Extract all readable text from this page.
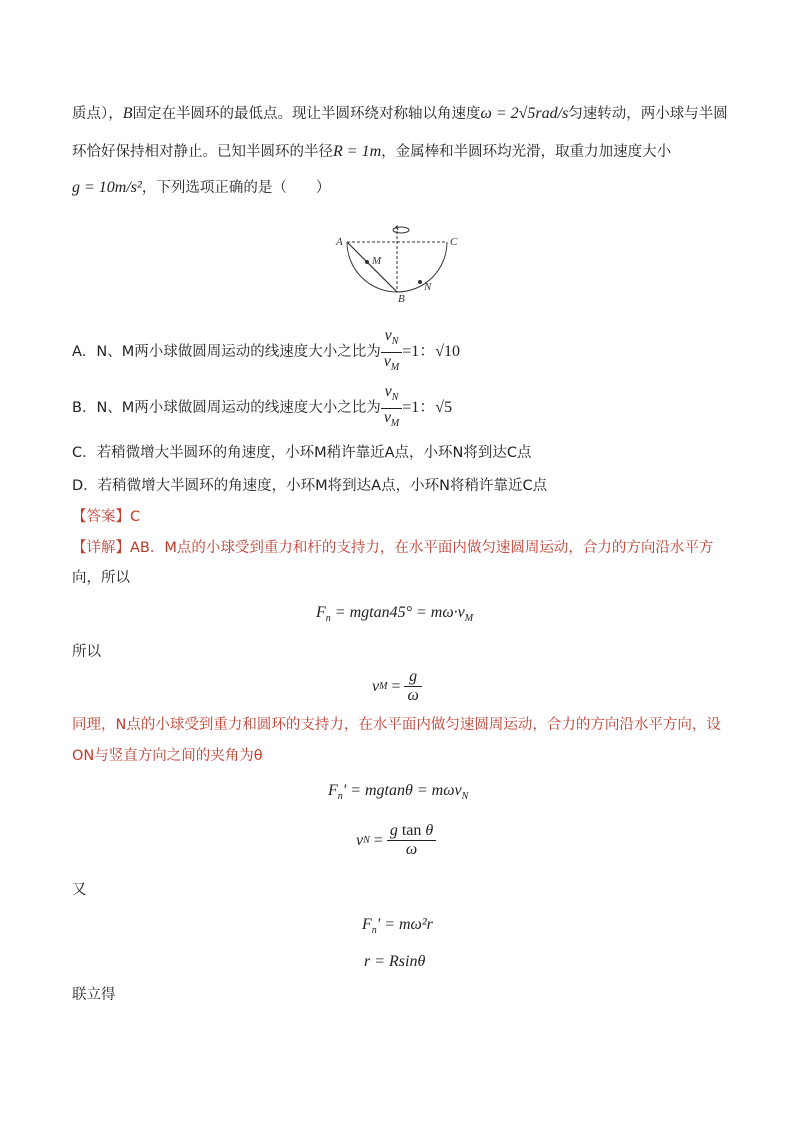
质点），B固定在半圆环的最低点。现让半圆环绕对称轴以角速度ω = 2√5rad/s匀速转动，两小球与半圆
环恰好保持相对静止。已知半圆环的半径R = 1m，金属棒和半圆环均光滑，取重力加速度大小
g = 10m/s²，下列选项正确的是（　　）
A	C
M
B
N
A．N、M两小球做圆周运动的线速度大小之比为 $\frac{v_N}{v_M} =1$：√10
B．N、M两小球做圆周运动的线速度大小之比为 $\frac{v_N}{v_M} =1$：√5
C．若稍微增大半圆环的角速度，小环M稍许靠近A点，小环N将到达C点
D．若稍微增大半圆环的角速度，小环M将到达A点，小环N将稍许靠近C点
【答案】C
【详解】AB．M点的小球受到重力和杆的支持力，在水平面内做匀速圆周运动，合力的方向沿水平方
向，所以
$F_n = mgtan45^\circ = m\omega\cdot v_M$
所以
v $M = \frac{g}{\omega}$
同理，N点的小球受到重力和圆环的支持力，在水平面内做匀速圆周运动，合力的方向沿水平方向，设
ON与竖直方向之间的夹角为θ
$F_n' = mgtan\theta = m\omega v_N$
v $N = \frac{\text{g tan θ}}{\omega}$
又
$F_n' = m\omega^2r$
r = Rsinθ
联立得
